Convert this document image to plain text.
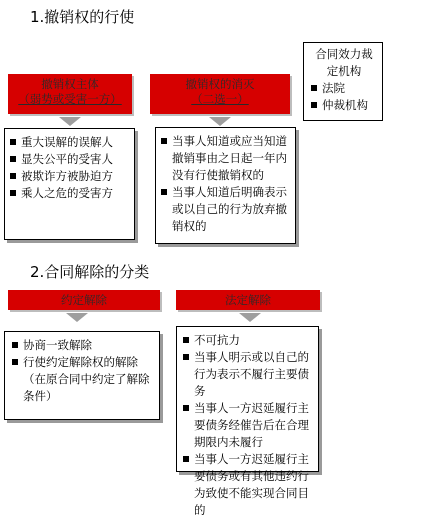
1.撤销权的行使
撤销权主体
（弱势或受害一方）
重大误解的误解人
显失公平的受害人
被欺诈方被胁迫方
乘人之危的受害方
撤销权的消灭
（二选一）
当事人知道或应当知道撤销事由之日起一年内没有行使撤销权的
当事人知道后明确表示或以自己的行为放弃撤销权的
合同效力裁定机构
法院
仲裁机构
2.合同解除的分类
约定解除
协商一致解除
行使约定解除权的解除（在原合同中约定了解除条件）
法定解除
不可抗力
当事人明示或以自己的行为表示不履行主要债务
当事人一方迟延履行主要债务经催告后在合理期限内未履行
当事人一方迟延履行主要债务或有其他违约行为致使不能实现合同目的
